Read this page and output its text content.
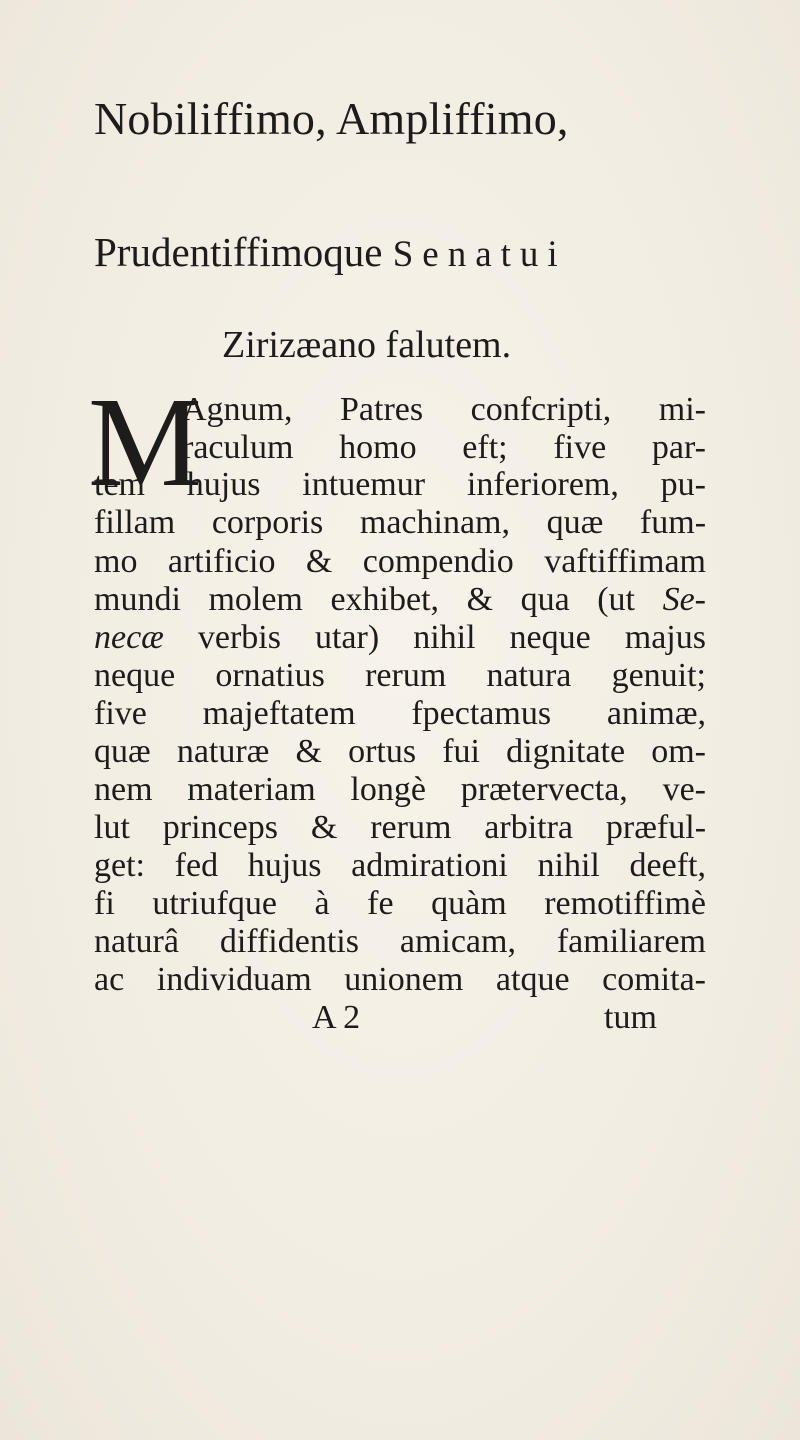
Nobiliffimo, Ampliffimo,
Prudentiffimoque Senatui
Zirizæano falutem.
M
Agnum, Patres confcripti, mi-
raculum homo eft; five par-
tem hujus intuemur inferiorem, pu-
fillam corporis machinam, quæ fum-
mo artificio & compendio vaftiffimam
mundi molem exhibet, & qua (ut Se-
necæ verbis utar) nihil neque majus
neque ornatius rerum natura genuit;
five majeftatem fpectamus animæ,
quæ naturæ & ortus fui dignitate om-
nem materiam longè prætervecta, ve-
lut princeps & rerum arbitra præful-
get: fed hujus admirationi nihil deeft,
fi utriufque à fe quàm remotiffimè
naturâ diffidentis amicam, familiarem
ac individuam unionem atque comita-
A 2	tum
